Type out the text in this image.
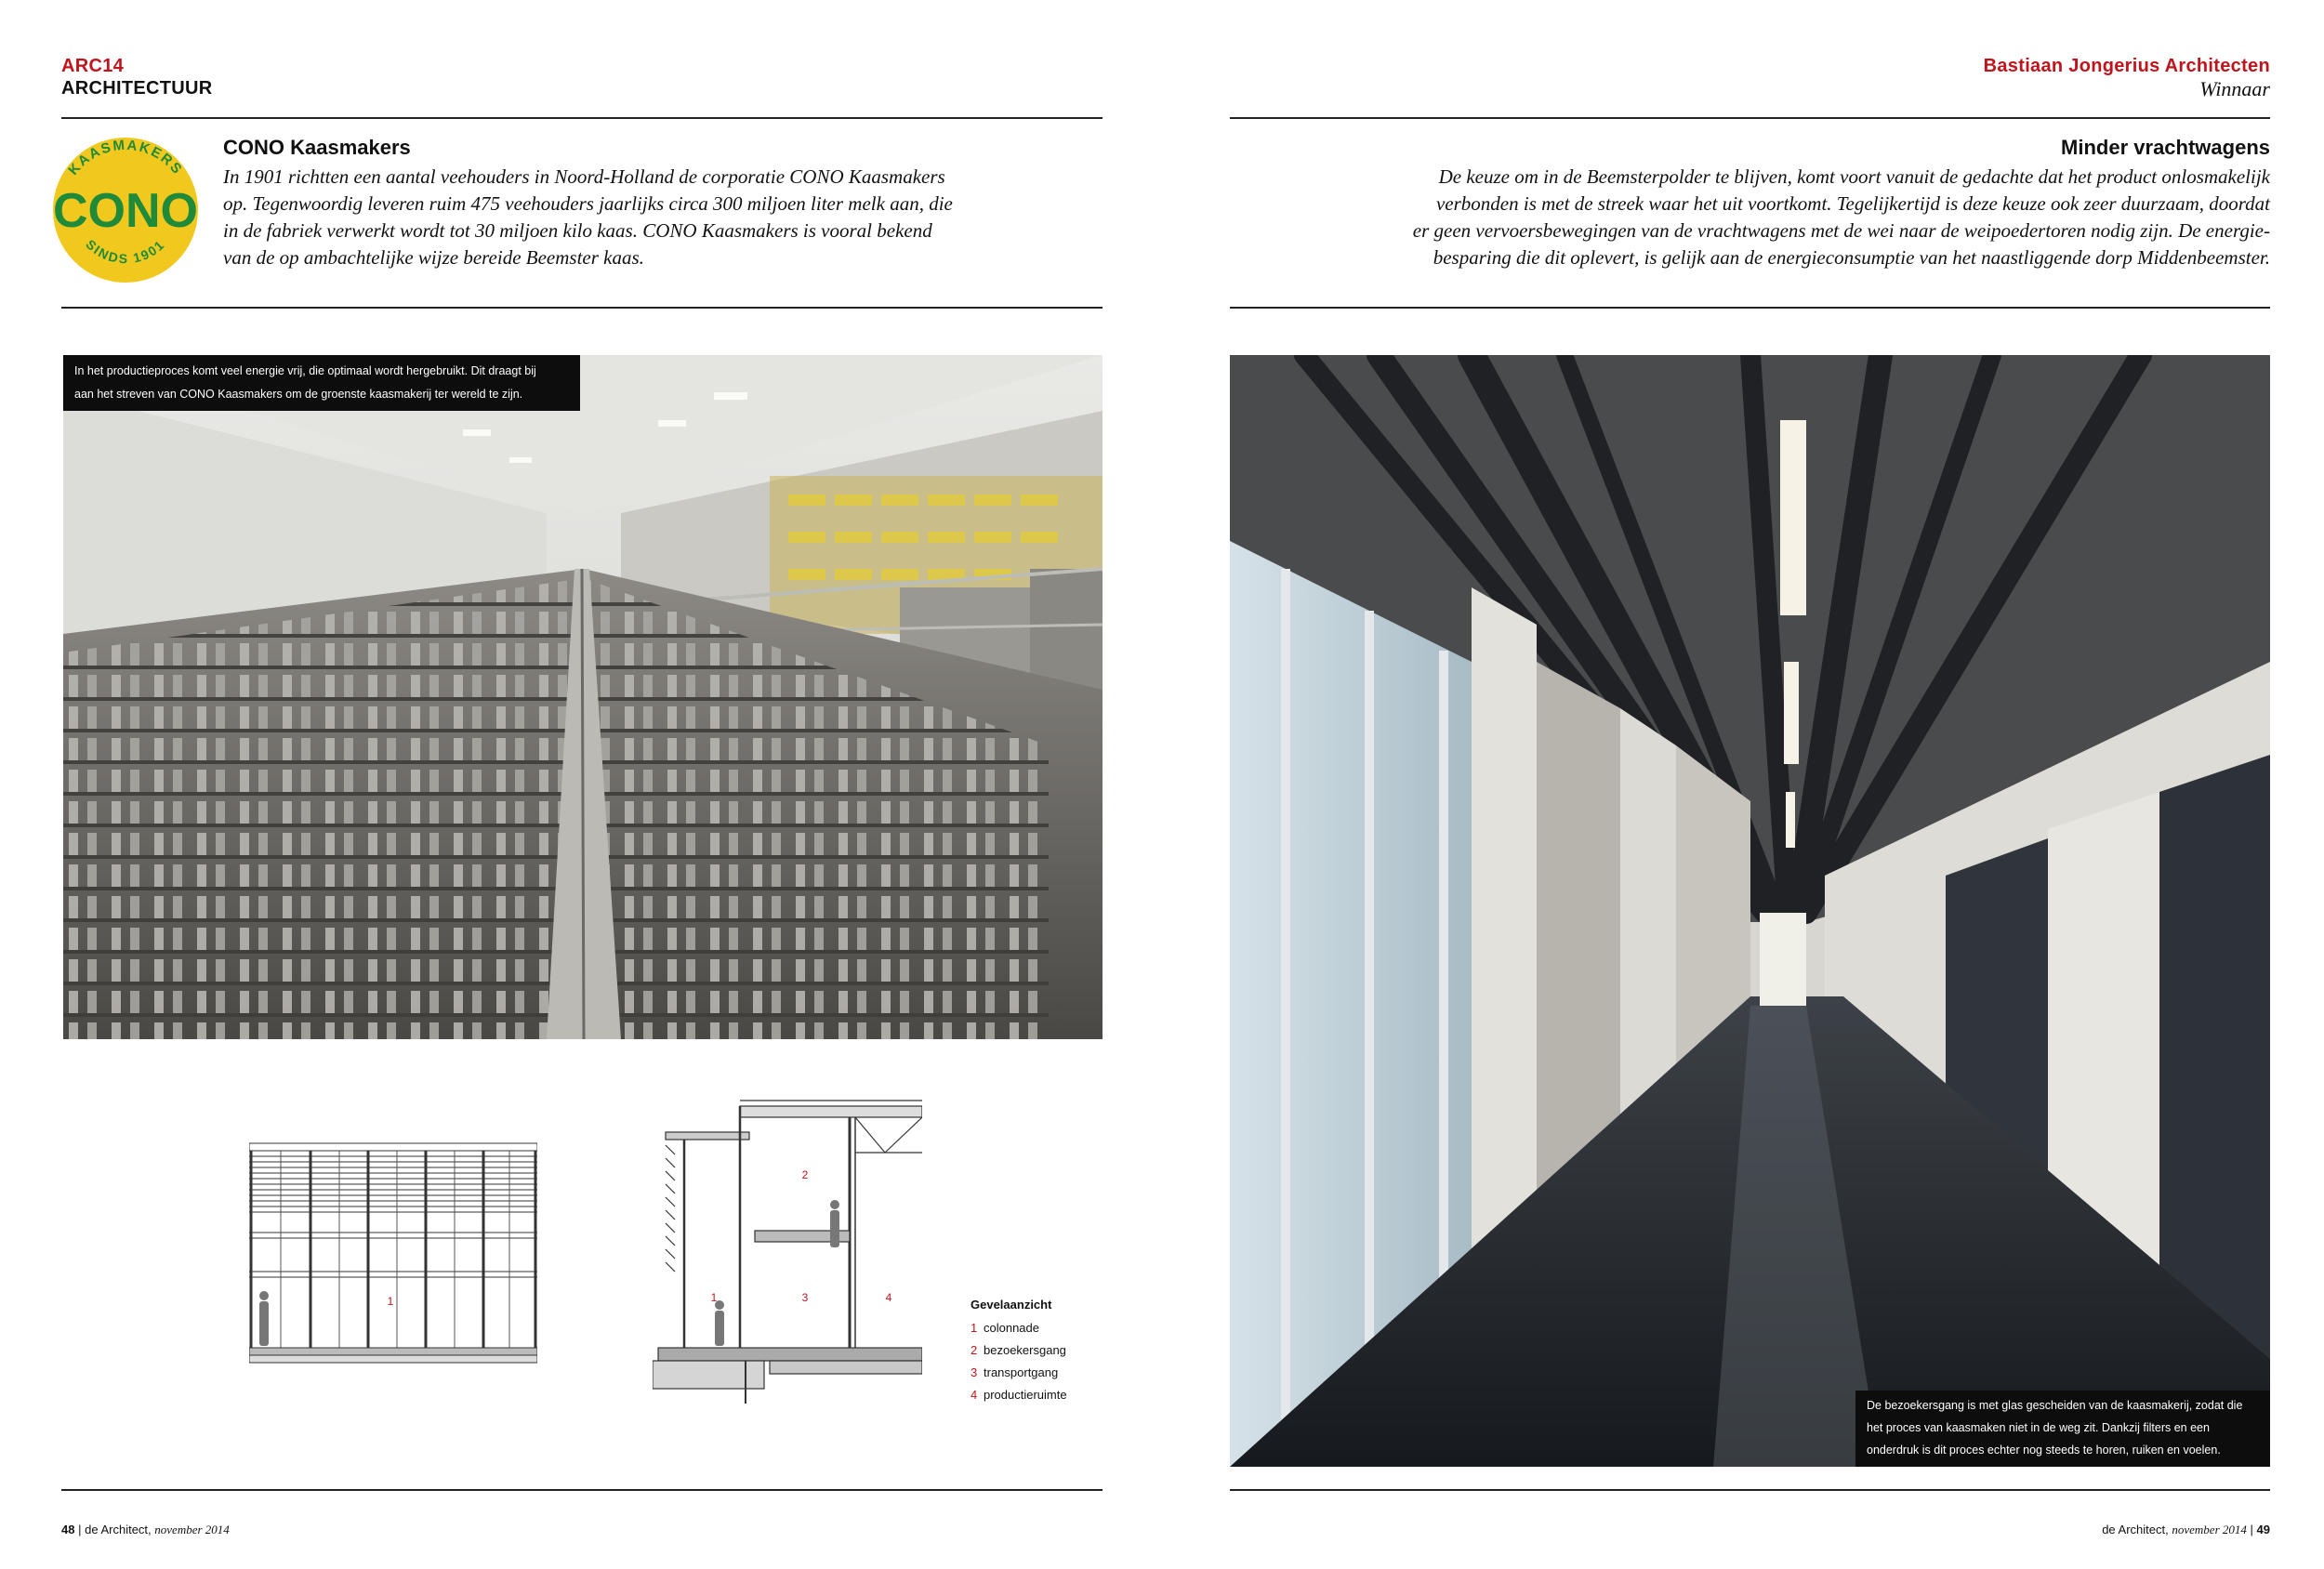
ARC14
ARCHITECTUUR
Bastiaan Jongerius Architecten
Winnaar
KAASMAKERS
CONO
SINDS 1901
CONO Kaasmakers
In 1901 richtten een aantal veehouders in Noord-Holland de corporatie CONO Kaasmakers
op. Tegenwoordig leveren ruim 475 veehouders jaarlijks circa 300 miljoen liter melk aan, die
in de fabriek verwerkt wordt tot 30 miljoen kilo kaas. CONO Kaasmakers is vooral bekend
van de op ambachtelijke wijze bereide Beemster kaas.
Minder vrachtwagens
De keuze om in de Beemsterpolder te blijven, komt voort vanuit de gedachte dat het product onlosmakelijk
verbonden is met de streek waar het uit voortkomt. Tegelijkertijd is deze keuze ook zeer duurzaam, doordat
er geen vervoersbewegingen van de vrachtwagens met de wei naar de weipoedertoren nodig zijn. De energie-
besparing die dit oplevert, is gelijk aan de energieconsumptie van het naastliggende dorp Middenbeemster.
In het productieproces komt veel energie vrij, die optimaal wordt hergebruikt. Dit draagt bij
aan het streven van CONO Kaasmakers om de groenste kaasmakerij ter wereld te zijn.
De bezoekersgang is met glas gescheiden van de kaasmakerij, zodat die
het proces van kaasmaken niet in de weg zit. Dankzij filters en een
onderdruk is dit proces echter nog steeds te horen, ruiken en voelen.
1	1
2
3	4	Gevelaanzicht
1 colonnade
2 bezoekersgang
3 transportgang
4 productieruimte
48 | de Architect, november 2014	de Architect, november 2014 | 49
